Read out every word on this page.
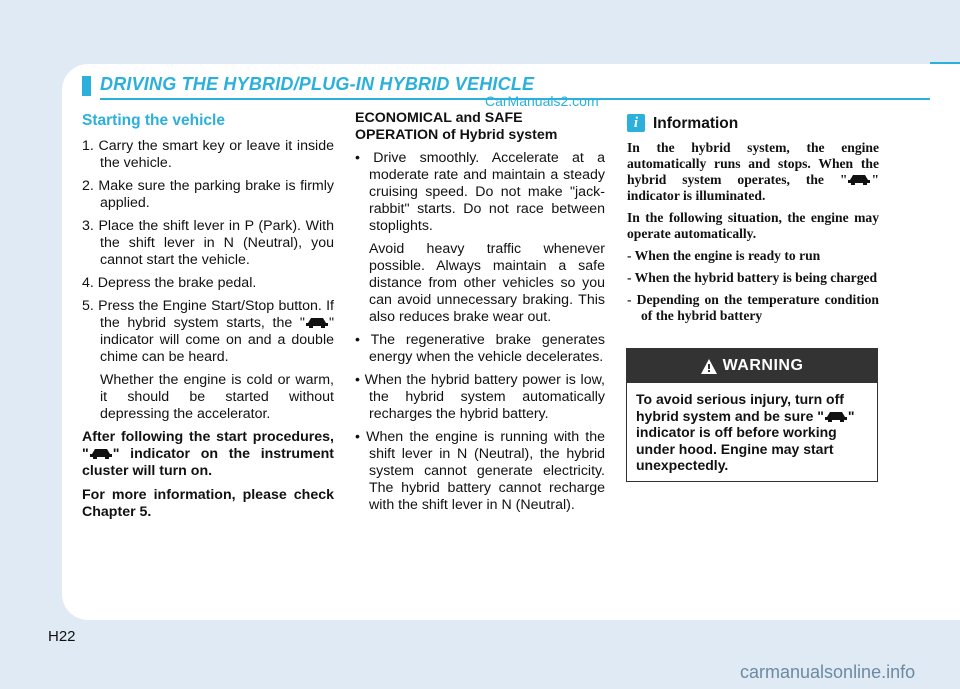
DRIVING THE HYBRID/PLUG-IN HYBRID VEHICLE
CarManuals2.com
Starting the vehicle

1. Carry the smart key or leave it inside the vehicle.

2. Make sure the parking brake is firmly applied.

3. Place the shift lever in P (Park). With the shift lever in N (Neutral), you cannot start the vehicle.

4. Depress the brake pedal.

5. Press the Engine Start/Stop button. If the hybrid system starts, the " " indicator will come on and a double chime can be heard.

Whether the engine is cold or warm, it should be started without depressing the accelerator.

After following the start procedures, " " indicator on the instrument cluster will turn on.

For more information, please check Chapter 5.

ECONOMICAL and SAFE OPERATION of Hybrid system

• Drive smoothly. Accelerate at a moderate rate and maintain a steady cruising speed. Do not make "jack-rabbit" starts. Do not race between stoplights.

Avoid heavy traffic whenever possible. Always maintain a safe distance from other vehicles so you can avoid unnecessary braking. This also reduces brake wear out.

• The regenerative brake generates energy when the vehicle decelerates.

• When the hybrid battery power is low, the hybrid system automatically recharges the hybrid battery.

• When the engine is running with the shift lever in N (Neutral), the hybrid system cannot generate electricity. The hybrid battery cannot recharge with the shift lever in N (Neutral).

i Information

In the hybrid system, the engine automatically runs and stops. When the hybrid system operates, the " " indicator is illuminated.

In the following situation, the engine may operate automatically.

- When the engine is ready to run

- When the hybrid battery is being charged

- Depending on the temperature condition of the hybrid battery

WARNING
To avoid serious injury, turn off hybrid system and be sure " " indicator is off before working under hood. Engine may start unexpectedly.
H22
carmanualsonline.info
